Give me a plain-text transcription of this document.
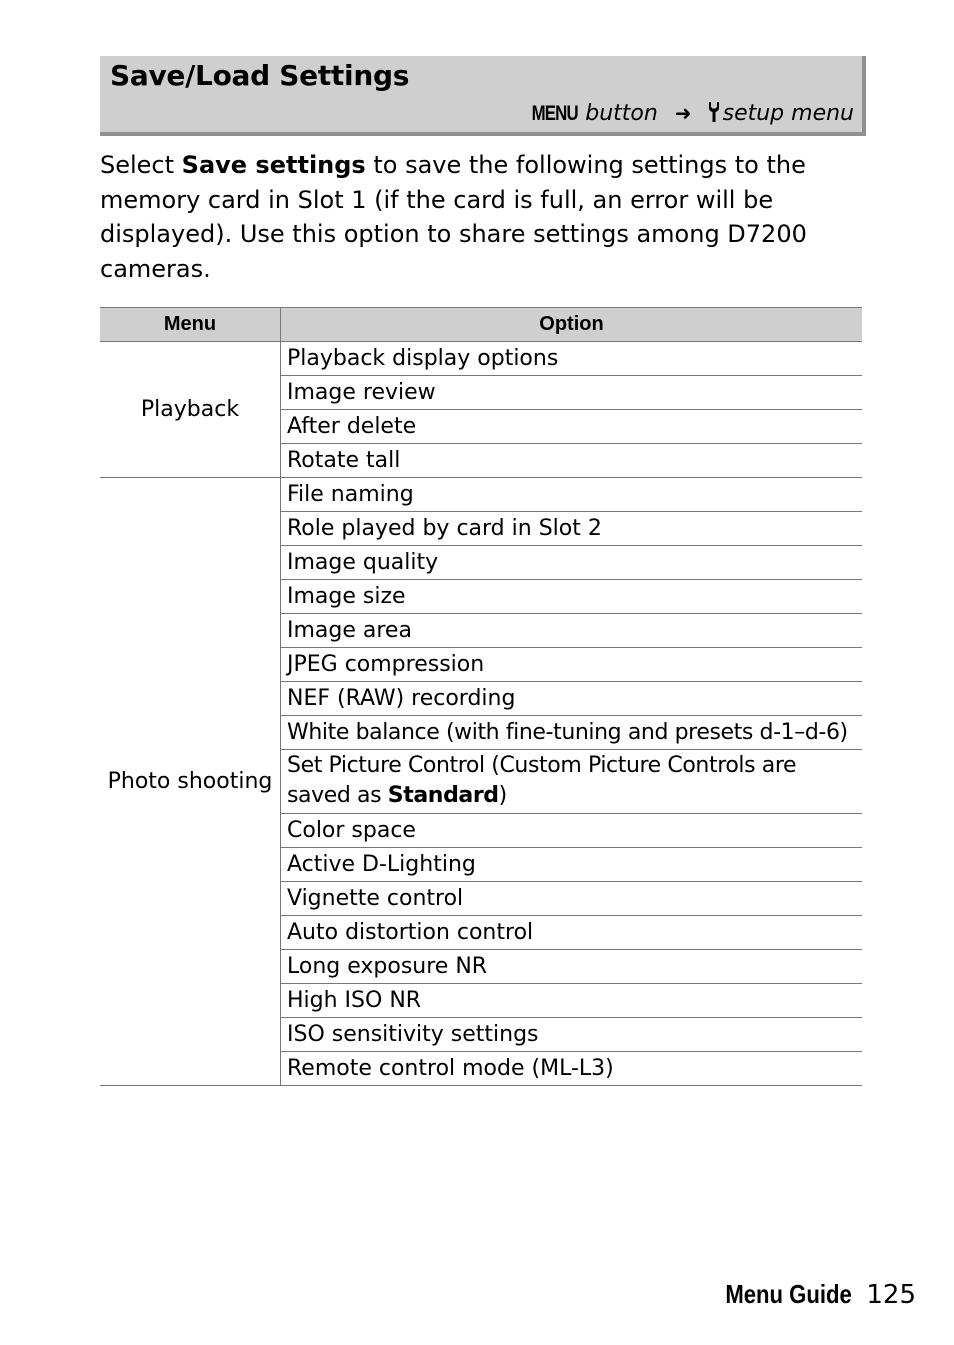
Save/Load Settings
MENU button ➜ setup menu
Select Save settings to save the following settings to the memory card in Slot 1 (if the card is full, an error will be displayed). Use this option to share settings among D7200 cameras.
Menu	Option
Playback	Playback display options
	Image review
	After delete
	Rotate tall
Photo shooting	File naming
	Role played by card in Slot 2
	Image quality
	Image size
	Image area
	JPEG compression
	NEF (RAW) recording
	White balance (with fine-tuning and presets d-1–d-6)
	Set Picture Control (Custom Picture Controls are saved as Standard)
	Color space
	Active D-Lighting
	Vignette control
	Auto distortion control
	Long exposure NR
	High ISO NR
	ISO sensitivity settings
	Remote control mode (ML-L3)
Menu Guide 125
